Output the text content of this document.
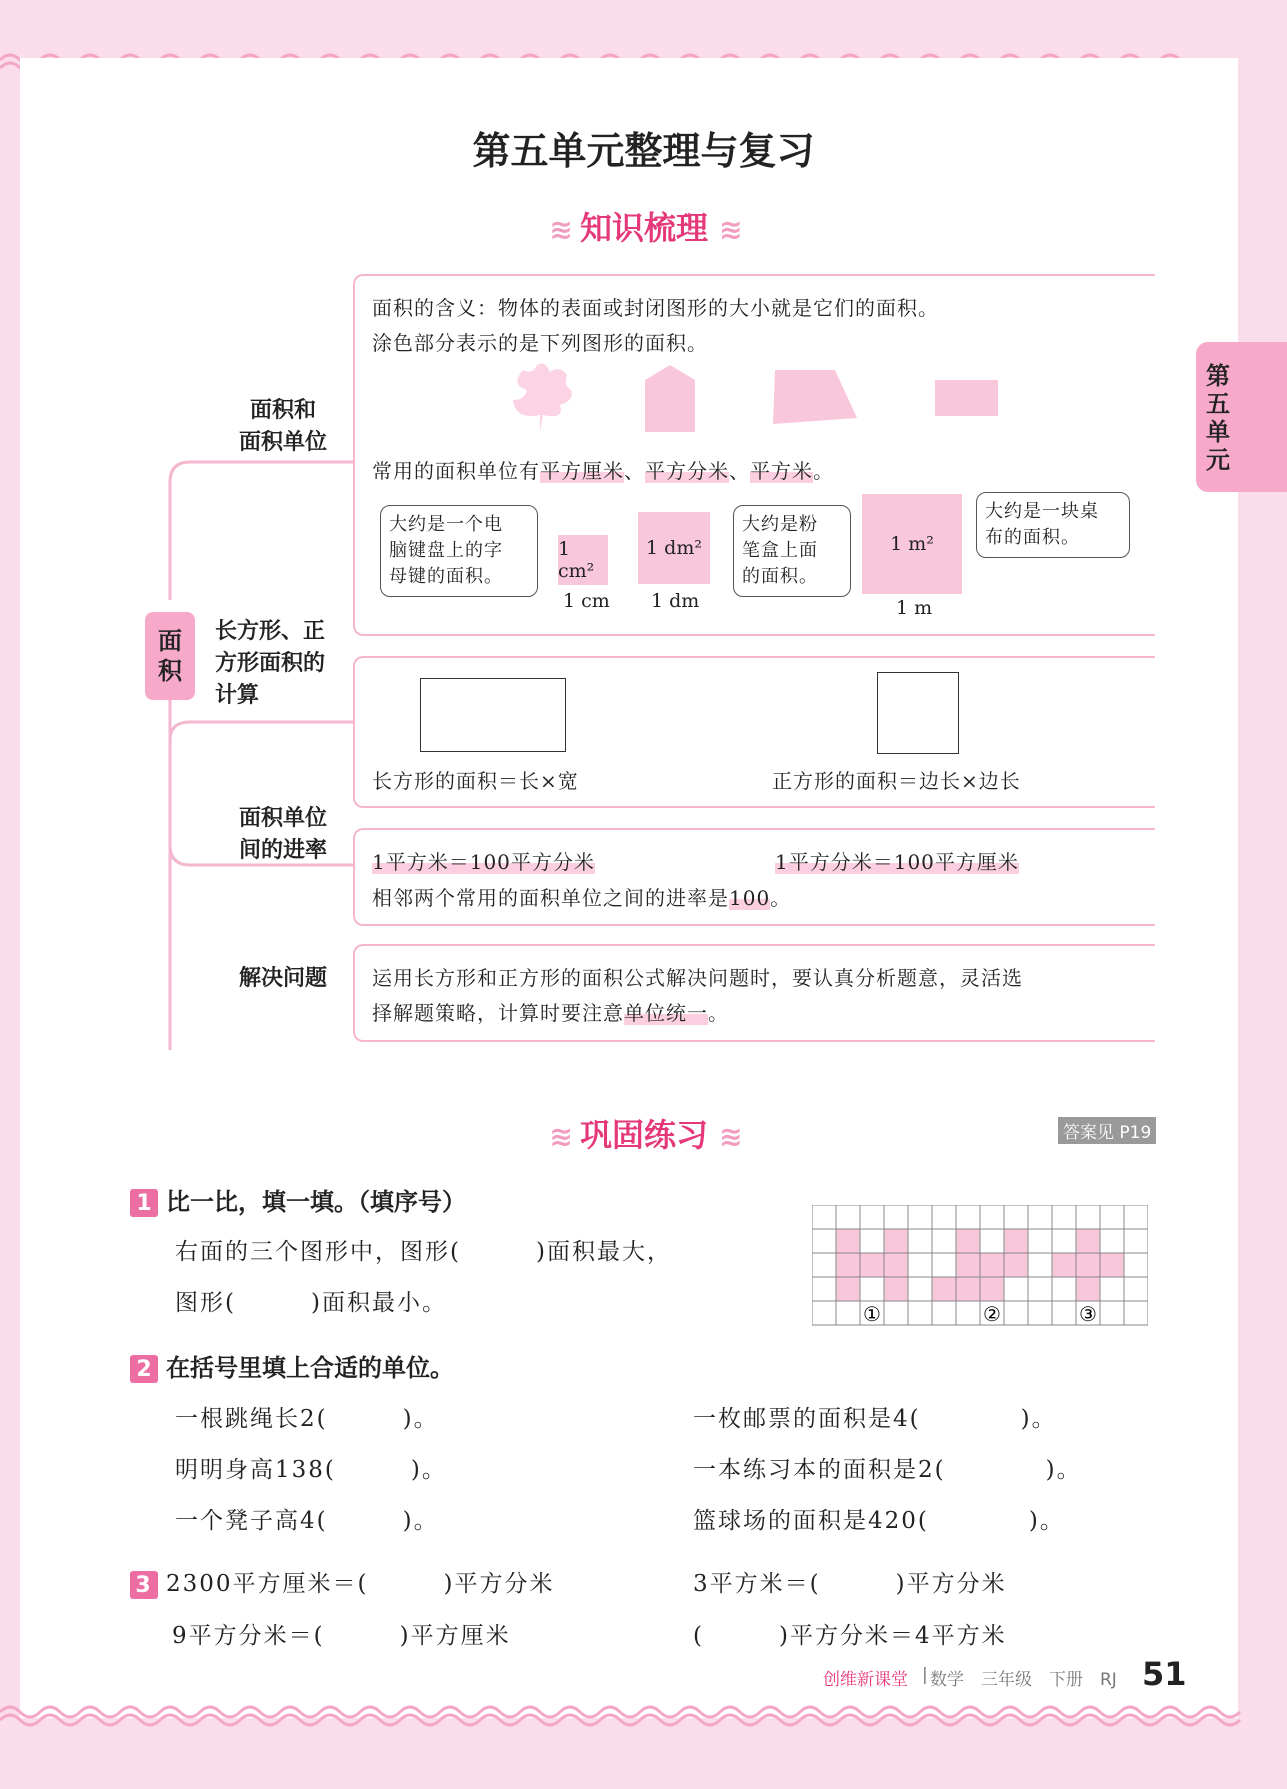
第五单元
第五单元整理与复习
≋ 知识梳理 ≋
面积
面积和
面积单位
长方形、正
方形面积的
计算
面积单位
间的进率
解决问题
面积的含义：物体的表面或封闭图形的大小就是它们的面积。
涂色部分表示的是下列图形的面积。
常用的面积单位有平方厘米、平方分米、平方米。
大约是一个电
脑键盘上的字
母键的面积。
1 cm²
1 cm
1 dm²
1 dm
大约是粉
笔盒上面
的面积。
1 m²
1 m
大约是一块桌
布的面积。
长方形的面积＝长×宽	正方形的面积＝边长×边长
1平方米＝100平方分米	1平方分米＝100平方厘米
相邻两个常用的面积单位之间的进率是100。
运用长方形和正方形的面积公式解决问题时，要认真分析题意，灵活选
择解题策略，计算时要注意单位统一。
≋ 巩固练习 ≋	答案见 P19
1 比一比，填一填。（填序号）
右面的三个图形中，图形(　　　)面积最大，
图形(　　　)面积最小。	①	②	③
2 在括号里填上合适的单位。
一根跳绳长2(　　　)。
明明身高138(　　　)。
一个凳子高4(　　　)。
一枚邮票的面积是4(　　　　)。
一本练习本的面积是2(　　　　)。
篮球场的面积是420(　　　　)。
3 2300平方厘米＝(　　　)平方分米	3平方米＝(　　　)平方分米
9平方分米＝(　　　)平方厘米	(　　　)平方分米＝4平方米
创维新课堂 | 数学　三年级　下册　RJ 51
